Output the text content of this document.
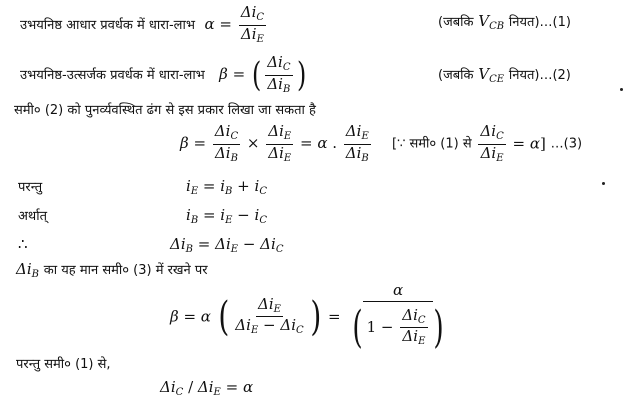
उभयनिष्ठ आधार प्रवर्धक में धारा-लाभ  $\alpha = \frac{\Delta i_C}{\Delta i_E}$	(जबकि $V_{CB}$ नियत)…(1)
उभयनिष्ठ-उत्सर्जक प्रवर्धक में धारा-लाभ   β = ( $\frac{\Delta i_C}{\Delta i_B}$ )	(जबकि $V_{CE}$ नियत)…(2)
समी० (2) को पुनर्व्यवस्थित ढंग से इस प्रकार लिखा जा सकता है
$\beta = \frac{\Delta i_C}{\Delta i_B} \times \frac{\Delta i_E}{\Delta i_E} = \alpha$ . $\frac{\Delta i_E}{\Delta i_B}$ [∵ समी० (1) से $\frac{\Delta i_C}{\Delta i_E} = \alpha$] …(3)
परन्तु	$i_E = i_B + i_C$
अर्थात्	$i_B = i_E - i_C$
∴	$\Delta i_B = \Delta i_E - \Delta i_C$
$\Delta i_B$ का यह मान समी० (3) में रखने पर
β = α ( $\frac{\Delta i_E}{\Delta i_E - \Delta i_C}$ ) = $\frac{\alpha}{( 1 - \frac{\Delta i_C}{\Delta i_E} )}$
परन्तु समी० (1) से,
$\Delta i_C / \Delta i_E = \alpha$
